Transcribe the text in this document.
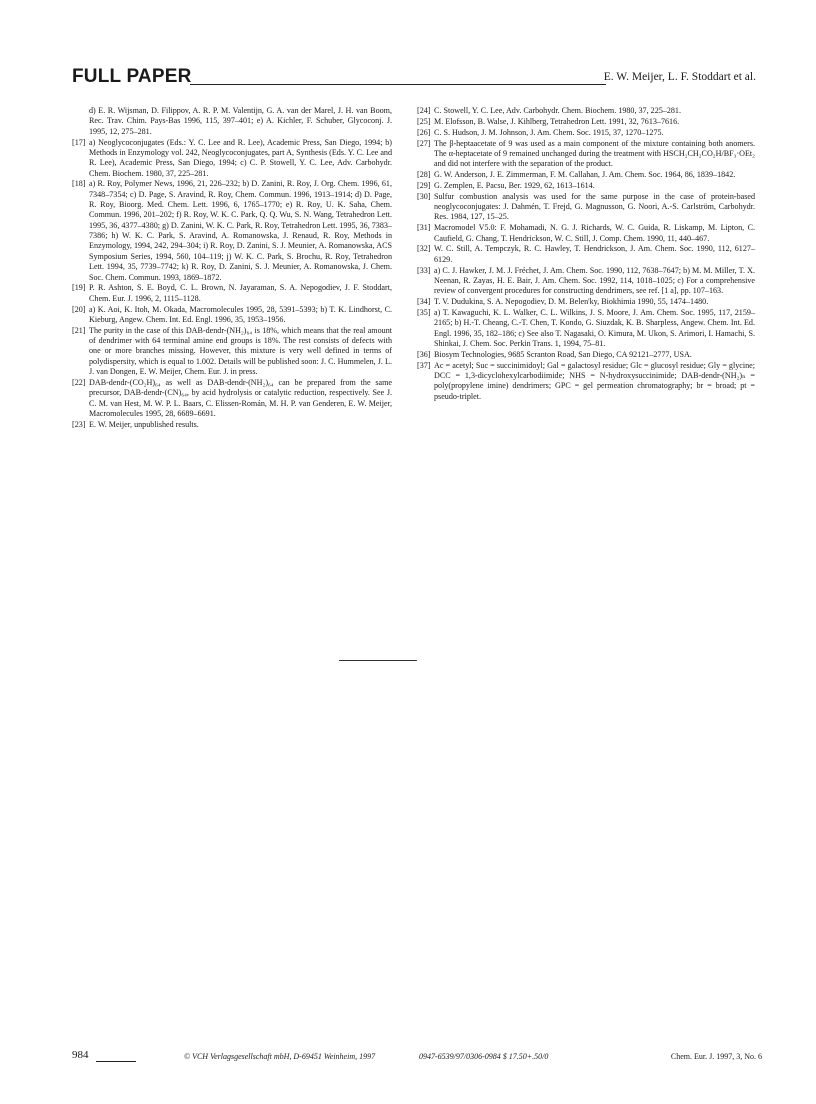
FULL PAPER	E. W. Meijer, L. F. Stoddart et al.
d) E. R. Wijsman, D. Filippov, A. R. P. M. Valentijn, G. A. van der Marel, J. H. van Boom, Rec. Trav. Chim. Pays-Bas 1996, 115, 397–401; e) A. Kichler, F. Schuber, Glycoconj. J. 1995, 12, 275–281.
[17] a) Neoglycoconjugates (Eds.: Y. C. Lee and R. Lee), Academic Press, San Diego, 1994; b) Methods in Enzymology vol. 242, Neoglycoconjugates, part A, Synthesis (Eds. Y. C. Lee and R. Lee), Academic Press, San Diego, 1994; c) C. P. Stowell, Y. C. Lee, Adv. Carbohydr. Chem. Biochem. 1980, 37, 225–281.
[18] a) R. Roy, Polymer News, 1996, 21, 226–232; b) D. Zanini, R. Roy, J. Org. Chem. 1996, 61, 7348–7354; c) D. Page, S. Aravind, R. Roy, Chem. Commun. 1996, 1913–1914; d) D. Page, R. Roy, Bioorg. Med. Chem. Lett. 1996, 6, 1765–1770; e) R. Roy, U. K. Saha, Chem. Commun. 1996, 201–202; f) R. Roy, W. K. C. Park, Q. Q. Wu, S. N. Wang, Tetrahedron Lett. 1995, 36, 4377–4380; g) D. Zanini, W. K. C. Park, R. Roy, Tetrahedron Lett. 1995, 36, 7383–7386; h) W. K. C. Park, S. Aravind, A. Romanowska, J. Renaud, R. Roy, Methods in Enzymology, 1994, 242, 294–304; i) R. Roy, D. Zanini, S. J. Meunier, A. Romanowska, ACS Symposium Series, 1994, 560, 104–119; j) W. K. C. Park, S. Brochu, R. Roy, Tetrahedron Lett. 1994, 35, 7739–7742; k) R. Roy, D. Zanini, S. J. Meunier, A. Romanowska, J. Chem. Soc. Chem. Commun. 1993, 1869–1872.
[19] P. R. Ashton, S. E. Boyd, C. L. Brown, N. Jayaraman, S. A. Nepogodiev, J. F. Stoddart, Chem. Eur. J. 1996, 2, 1115–1128.
[20] a) K. Aoi, K. Itoh, M. Okada, Macromolecules 1995, 28, 5391–5393; b) T. K. Lindhorst, C. Kieburg, Angew. Chem. Int. Ed. Engl. 1996, 35, 1953–1956.
[21] The purity in the case of this DAB-dendr-(NH₂)₆₄ is 18%, which means that the real amount of dendrimer with 64 terminal amine end groups is 18%. The rest consists of defects with one or more branches missing. However, this mixture is very well defined in terms of polydispersity, which is equal to 1.002. Details will be published soon: J. C. Hummelen, J. L. J. van Dongen, E. W. Meijer, Chem. Eur. J. in press.
[22] DAB-dendr-(CO₂H)₆₄ as well as DAB-dendr-(NH₂)₆₄ can be prepared from the same precursor, DAB-dendr-(CN)₆₄, by acid hydrolysis or catalytic reduction, respectively. See J. C. M. van Hest, M. W. P. L. Baars, C. Elissen-Román, M. H. P. van Genderen, E. W. Meijer, Macromolecules 1995, 28, 6689–6691.
[23] E. W. Meijer, unpublished results.
[24] C. Stowell, Y. C. Lee, Adv. Carbohydr. Chem. Biochem. 1980, 37, 225–281.
[25] M. Elofsson, B. Walse, J. Kihlberg, Tetrahedron Lett. 1991, 32, 7613–7616.
[26] C. S. Hudson, J. M. Johnson, J. Am. Chem. Soc. 1915, 37, 1270–1275.
[27] The β-heptaacetate of 9 was used as a main component of the mixture containing both anomers. The α-heptacetate of 9 remained unchanged during the treatment with HSCH₂CH₂CO₂H/BF₃·OEt₂ and did not interfere with the separation of the product.
[28] G. W. Anderson, J. E. Zimmerman, F. M. Callahan, J. Am. Chem. Soc. 1964, 86, 1839–1842.
[29] G. Zemplen, E. Pacsu, Ber. 1929, 62, 1613–1614.
[30] Sulfur combustion analysis was used for the same purpose in the case of protein-based neoglycoconjugates: J. Dahmén, T. Frejd, G. Magnusson, G. Noori, A.-S. Carlström, Carbohydr. Res. 1984, 127, 15–25.
[31] Macromodel V5.0: F. Mohamadi, N. G. J. Richards, W. C. Guida, R. Liskamp, M. Lipton, C. Caufield, G. Chang, T. Hendrickson, W. C. Still, J. Comp. Chem. 1990, 11, 440–467.
[32] W. C. Still, A. Tempczyk, R. C. Hawley, T. Hendrickson, J. Am. Chem. Soc. 1990, 112, 6127–6129.
[33] a) C. J. Hawker, J. M. J. Fréchet, J. Am. Chem. Soc. 1990, 112, 7638–7647; b) M. M. Miller, T. X. Neenan, R. Zayas, H. E. Bair, J. Am. Chem. Soc. 1992, 114, 1018–1025; c) For a comprehensive review of convergent procedures for constructing dendrimers, see ref. [1 a], pp. 107–163.
[34] T. V. Dudukina, S. A. Nepogodiev, D. M. Belen'ky, Biokhimia 1990, 55, 1474–1480.
[35] a) T. Kawaguchi, K. L. Walker, C. L. Wilkins, J. S. Moore, J. Am. Chem. Soc. 1995, 117, 2159–2165; b) H.-T. Cheang, C.-T. Chen, T. Kondo, G. Siuzdak, K. B. Sharpless, Angew. Chem. Int. Ed. Engl. 1996, 35, 182–186; c) See also T. Nagasaki, O. Kimura, M. Ukon, S. Arimori, I. Hamachi, S. Shinkai, J. Chem. Soc. Perkin Trans. 1, 1994, 75–81.
[36] Biosym Technologies, 9685 Scranton Road, San Diego, CA 92121–2777, USA.
[37] Ac = acetyl; Suc = succinimidoyl; Gal = galactosyl residue; Glc = glucosyl residue; Gly = glycine; DCC = 1,3-dicyclohexylcarbodiimide; NHS = N-hydroxysuccinimide; DAB-dendr-(NH₂)ₙ = poly(propylene imine) dendrimers; GPC = gel permeation chromatography; br = broad; pt = pseudo-triplet.
984	© VCH Verlagsgesellschaft mbH, D-69451 Weinheim, 1997	0947-6539/97/0306-0984 $ 17.50+.50/0	Chem. Eur. J. 1997, 3, No. 6
